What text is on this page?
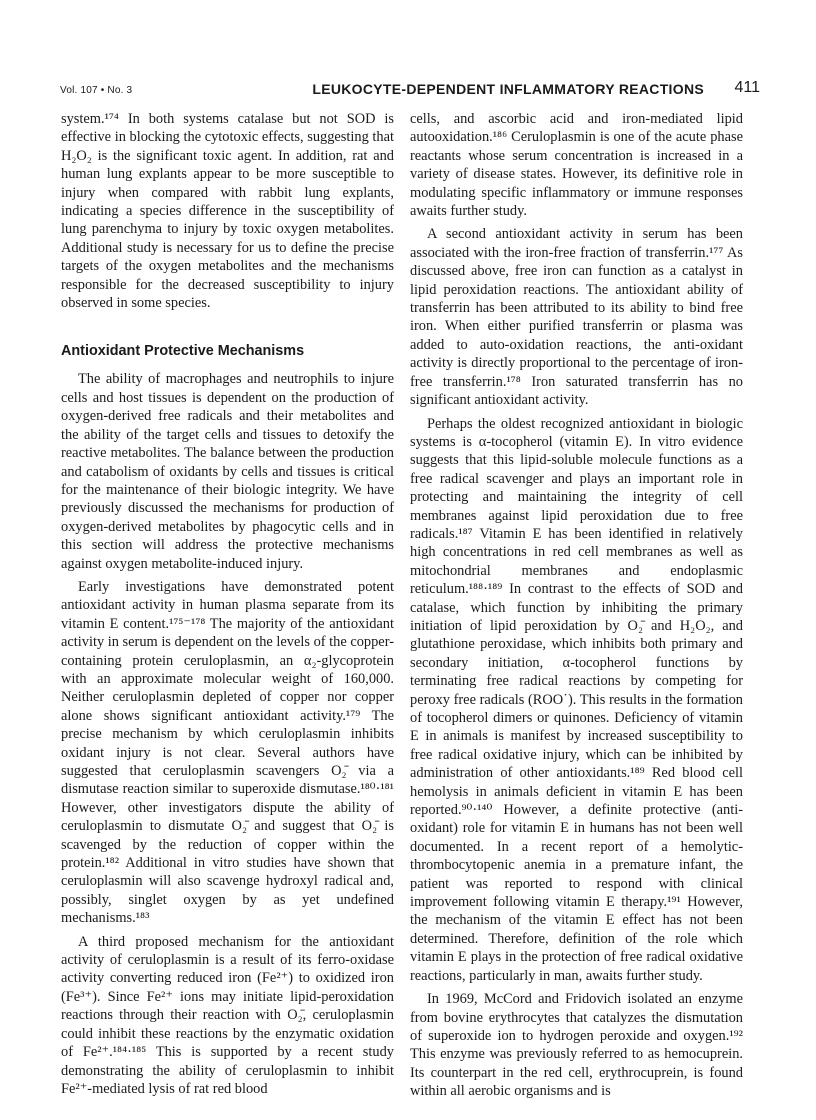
Vol. 107 • No. 3	LEUKOCYTE-DEPENDENT INFLAMMATORY REACTIONS 411

system.¹⁷⁴ In both systems catalase but not SOD is effective in blocking the cytotoxic effects, suggesting that H₂O₂ is the significant toxic agent. In addition, rat and human lung explants appear to be more susceptible to injury when compared with rabbit lung explants, indicating a species difference in the susceptibility of lung parenchyma to injury by toxic oxygen metabolites. Additional study is necessary for us to define the precise targets of the oxygen metabolites and the mechanisms responsible for the decreased susceptibility to injury observed in some species.

Antioxidant Protective Mechanisms

The ability of macrophages and neutrophils to injure cells and host tissues is dependent on the production of oxygen-derived free radicals and their metabolites and the ability of the target cells and tissues to detoxify the reactive metabolites. The balance between the production and catabolism of oxidants by cells and tissues is critical for the maintenance of their biologic integrity. We have previously discussed the mechanisms for production of oxygen-derived metabolites by phagocytic cells and in this section will address the protective mechanisms against oxygen metabolite-induced injury.

Early investigations have demonstrated potent antioxidant activity in human plasma separate from its vitamin E content.¹⁷⁵⁻¹⁷⁸ The majority of the antioxidant activity in serum is dependent on the levels of the copper-containing protein ceruloplasmin, an α₂-glycoprotein with an approximate molecular weight of 160,000. Neither ceruloplasmin depleted of copper nor copper alone shows significant antioxidant activity.¹⁷⁹ The precise mechanism by which ceruloplasmin inhibits oxidant injury is not clear. Several authors have suggested that ceruloplasmin scavengers O₂̄ via a dismutase reaction similar to superoxide dismutase.¹⁸⁰·¹⁸¹ However, other investigators dispute the ability of ceruloplasmin to dismutate O₂̄ and suggest that O₂̄ is scavenged by the reduction of copper within the protein.¹⁸² Additional in vitro studies have shown that ceruloplasmin will also scavenge hydroxyl radical and, possibly, singlet oxygen by as yet undefined mechanisms.¹⁸³

A third proposed mechanism for the antioxidant activity of ceruloplasmin is a result of its ferro-oxidase activity converting reduced iron (Fe²⁺) to oxidized iron (Fe³⁺). Since Fe²⁺ ions may initiate lipid-peroxidation reactions through their reaction with O₂̄, ceruloplasmin could inhibit these reactions by the enzymatic oxidation of Fe²⁺.¹⁸⁴·¹⁸⁵ This is supported by a recent study demonstrating the ability of ceruloplasmin to inhibit Fe²⁺-mediated lysis of rat red blood

cells, and ascorbic acid and iron-mediated lipid autooxidation.¹⁸⁶ Ceruloplasmin is one of the acute phase reactants whose serum concentration is increased in a variety of disease states. However, its definitive role in modulating specific inflammatory or immune responses awaits further study.

A second antioxidant activity in serum has been associated with the iron-free fraction of transferrin.¹⁷⁷ As discussed above, free iron can function as a catalyst in lipid peroxidation reactions. The antioxidant ability of transferrin has been attributed to its ability to bind free iron. When either purified transferrin or plasma was added to auto-oxidation reactions, the anti-oxidant activity is directly proportional to the percentage of iron-free transferrin.¹⁷⁸ Iron saturated transferrin has no significant antioxidant activity.

Perhaps the oldest recognized antioxidant in biologic systems is α-tocopherol (vitamin E). In vitro evidence suggests that this lipid-soluble molecule functions as a free radical scavenger and plays an important role in protecting and maintaining the integrity of cell membranes against lipid peroxidation due to free radicals.¹⁸⁷ Vitamin E has been identified in relatively high concentrations in red cell membranes as well as mitochondrial membranes and endoplasmic reticulum.¹⁸⁸·¹⁸⁹ In contrast to the effects of SOD and catalase, which function by inhibiting the primary initiation of lipid peroxidation by O₂̄ and H₂O₂, and glutathione peroxidase, which inhibits both primary and secondary initiation, α-tocopherol functions by terminating free radical reactions by competing for peroxy free radicals (ROO˙). This results in the formation of tocopherol dimers or quinones. Deficiency of vitamin E in animals is manifest by increased susceptibility to free radical oxidative injury, which can be inhibited by administration of other antioxidants.¹⁸⁹ Red blood cell hemolysis in animals deficient in vitamin E has been reported.⁹⁰·¹⁴⁰ However, a definite protective (anti-oxidant) role for vitamin E in humans has not been well documented. In a recent report of a hemolytic-thrombocytopenic anemia in a premature infant, the patient was reported to respond with clinical improvement following vitamin E therapy.¹⁹¹ However, the mechanism of the vitamin E effect has not been determined. Therefore, definition of the role which vitamin E plays in the protection of free radical oxidative reactions, particularly in man, awaits further study.

In 1969, McCord and Fridovich isolated an enzyme from bovine erythrocytes that catalyzes the dismutation of superoxide ion to hydrogen peroxide and oxygen.¹⁹² This enzyme was previously referred to as hemocuprein. Its counterpart in the red cell, erythrocuprein, is found within all aerobic organisms and is
